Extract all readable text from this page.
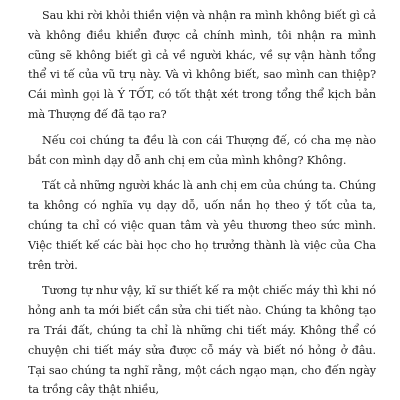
Sau khi rời khỏi thiền viện và nhận ra mình không biết gì cả và không điều khiển được cả chính mình, tôi nhận ra mình cũng sẽ không biết gì cả về người khác, về sự vận hành tổng thể vi tế của vũ trụ này. Và vì không biết, sao mình can thiệp? Cái mình gọi là Ý TỐT, có tốt thật xét trong tổng thể kịch bản mà Thượng đế đã tạo ra?

Nếu coi chúng ta đều là con cái Thượng đế, có cha mẹ nào bắt con mình dạy dỗ anh chị em của mình không? Không.

Tất cả những người khác là anh chị em của chúng ta. Chúng ta không có nghĩa vụ dạy dỗ, uốn nắn họ theo ý tốt của ta, chúng ta chỉ có việc quan tâm và yêu thương theo sức mình. Việc thiết kế các bài học cho họ trưởng thành là việc của Cha trên trời.

Tương tự như vậy, kĩ sư thiết kế ra một chiếc máy thì khi nó hỏng anh ta mới biết cần sửa chi tiết nào. Chúng ta không tạo ra Trái đất, chúng ta chỉ là những chi tiết máy. Không thể có chuyện chi tiết máy sửa được cỗ máy và biết nó hỏng ở đâu. Tại sao chúng ta nghĩ rằng, một cách ngạo mạn, cho đến ngày ta trồng cây thật nhiều,
